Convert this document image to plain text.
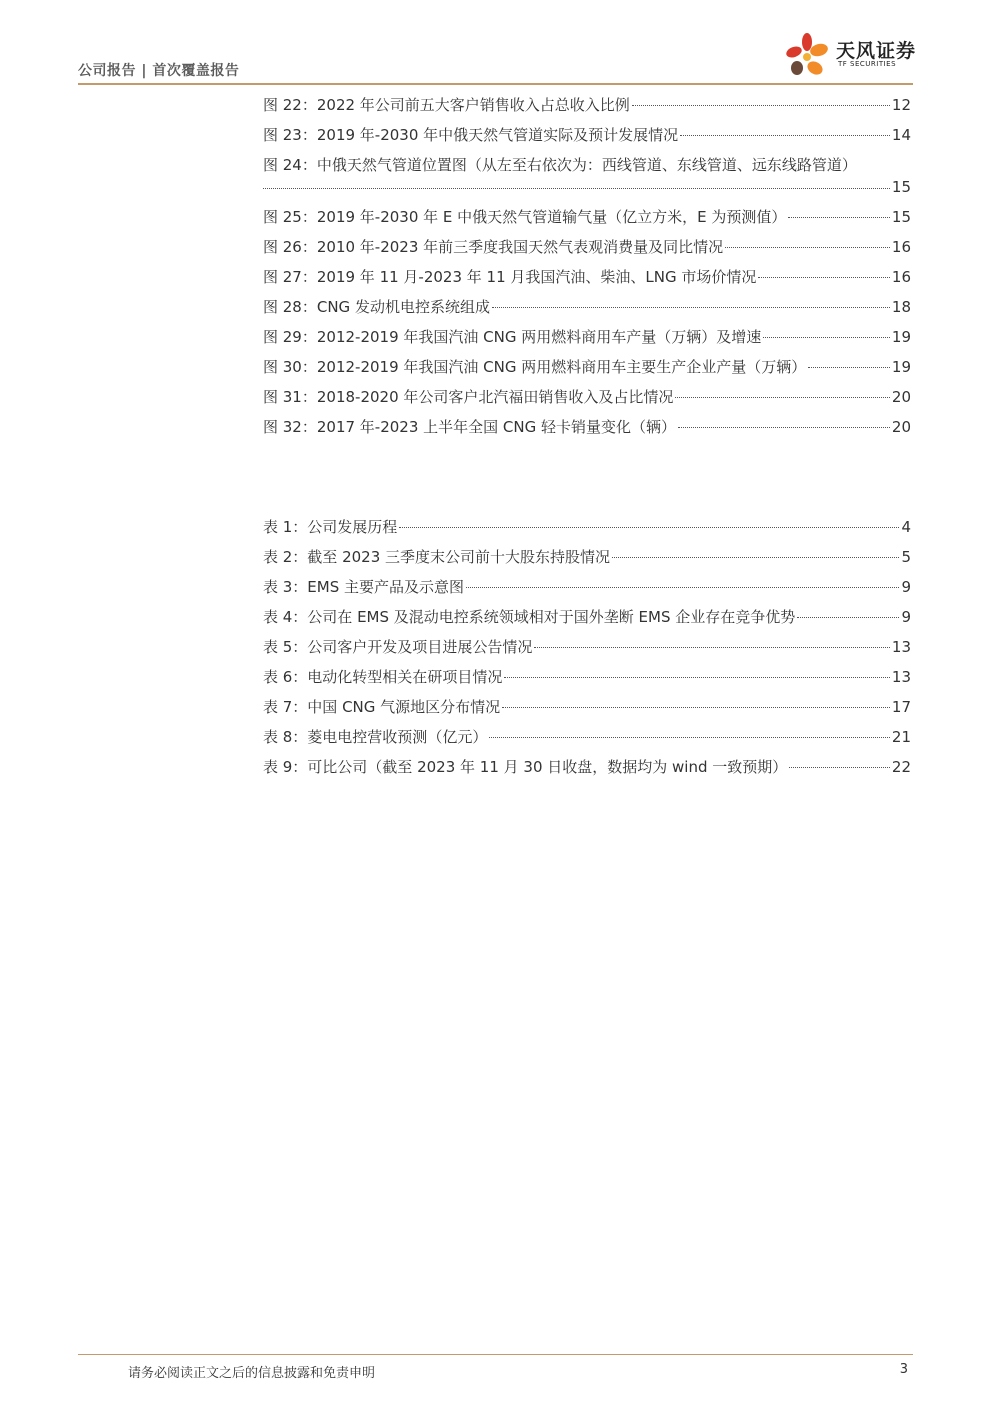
公司报告 | 首次覆盖报告
天风证券
TF SECURITIES
图 22：2022 年公司前五大客户销售收入占总收入比例	12
图 23：2019 年-2030 年中俄天然气管道实际及预计发展情况	14
图 24：中俄天然气管道位置图（从左至右依次为：西线管道、东线管道、远东线路管道）
15
图 25：2019 年-2030 年 E 中俄天然气管道输气量（亿立方米，E 为预测值）	15
图 26：2010 年-2023 年前三季度我国天然气表观消费量及同比情况	16
图 27：2019 年 11 月-2023 年 11 月我国汽油、柴油、LNG 市场价情况	16
图 28：CNG 发动机电控系统组成	18
图 29：2012-2019 年我国汽油 CNG 两用燃料商用车产量（万辆）及增速	19
图 30：2012-2019 年我国汽油 CNG 两用燃料商用车主要生产企业产量（万辆）	19
图 31：2018-2020 年公司客户北汽福田销售收入及占比情况	20
图 32：2017 年-2023 上半年全国 CNG 轻卡销量变化（辆）	20
表 1：公司发展历程	4
表 2：截至 2023 三季度末公司前十大股东持股情况	5
表 3：EMS 主要产品及示意图	9
表 4：公司在 EMS 及混动电控系统领域相对于国外垄断 EMS 企业存在竞争优势	9
表 5：公司客户开发及项目进展公告情况	13
表 6：电动化转型相关在研项目情况	13
表 7：中国 CNG 气源地区分布情况	17
表 8：菱电电控营收预测（亿元）	21
表 9：可比公司（截至 2023 年 11 月 30 日收盘，数据均为 wind 一致预期）	22
请务必阅读正文之后的信息披露和免责申明	3
